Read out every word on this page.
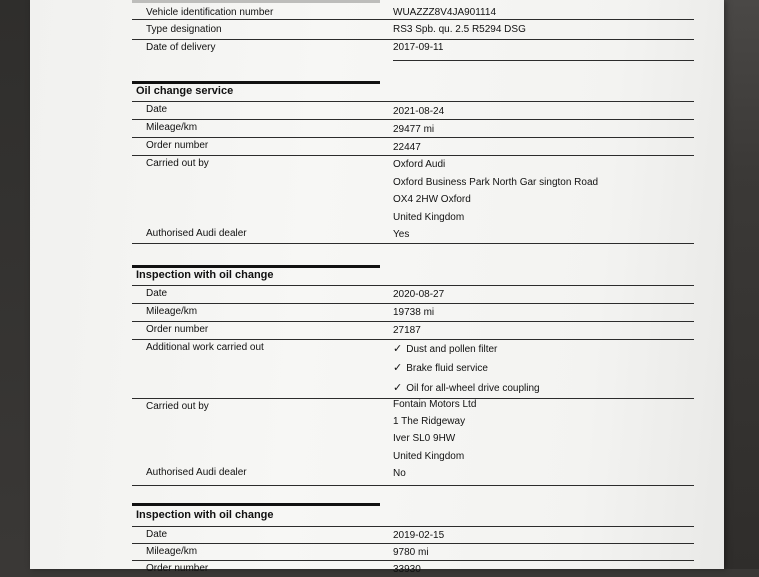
Vehicle identification number	WUAZZZ8V4JA901114
Type designation	RS3 Spb. qu. 2.5 R5294 DSG
Date of delivery	2017-09-11
Oil change service
Date	2021-08-24
Mileage/km	29477 mi
Order number	22447
Carried out by	Oxford Audi
Oxford Business Park North Gar sington Road
OX4 2HW Oxford
United Kingdom
Authorised Audi dealer	Yes
Inspection with oil change
Date	2020-08-27
Mileage/km	19738 mi
Order number	27187
Additional work carried out	✓ Dust and pollen filter
✓ Brake fluid service
✓ Oil for all-wheel drive coupling
Carried out by	Fontain Motors Ltd
1 The Ridgeway
Iver SL0 9HW
United Kingdom
Authorised Audi dealer	No
Inspection with oil change
Date	2019-02-15
Mileage/km	9780 mi
Order number	33930
